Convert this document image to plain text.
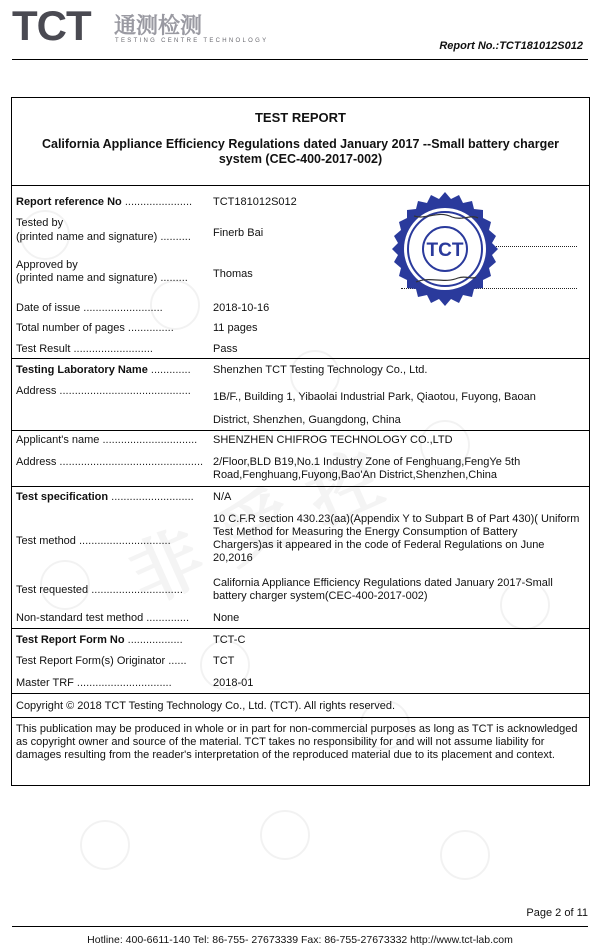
TCT 通测检测
TESTING CENTRE TECHNOLOGY	Report No.:TCT181012S012
TEST REPORT
California Appliance Efficiency Regulations dated January 2017 --Small battery charger system (CEC-400-2017-002)
Report reference No ......................	TCT181012S012
Tested by
(printed name and signature) ..........	Finerb Bai
Approved by
(printed name and signature) .........	Thomas
Date of issue ..........................	2018-10-16
Total number of pages ...............	11 pages
Test Result ..........................	Pass
Testing Laboratory Name .............	Shenzhen TCT Testing Technology Co., Ltd.
Address ...........................................	1B/F., Building 1, Yibaolai Industrial Park, Qiaotou, Fuyong, Baoan
District, Shenzhen, Guangdong, China
Applicant's name ...............................	SHENZHEN CHIFROG TECHNOLOGY CO.,LTD
Address ............................................... 2/Floor,BLD B19,No.1 Industry Zone of Fenghuang,FengYe 5th Road,Fenghuang,Fuyong,Bao'An District,Shenzhen,China
Test specification ...........................	N/A
Test method ..............................
10 C.F.R section 430.23(aa)(Appendix Y to Subpart B of Part 430)( Uniform Test Method for Measuring the Energy Consumption of Battery Chargers)as it appeared in the code of Federal Regulations on June 20,2016
Test requested ..............................
California Appliance Efficiency Regulations dated January 2017-Small battery charger system(CEC-400-2017-002)
Non-standard test method ..............	None
Test Report Form No ..................	TCT-C
Test Report Form(s) Originator ......	TCT
Master TRF ...............................	2018-01
Copyright © 2018 TCT Testing Technology Co., Ltd. (TCT). All rights reserved.
This publication may be produced in whole or in part for non-commercial purposes as long as TCT is acknowledged as copyright owner and source of the material. TCT takes no responsibility for and will not assume liability for damages resulting from the reader's interpretation of the reproduced material due to its placement and context.
TCT
Page 2 of 11
Hotline: 400-6611-140 Tel: 86-755- 27673339 Fax: 86-755-27673332 http://www.tct-lab.com
